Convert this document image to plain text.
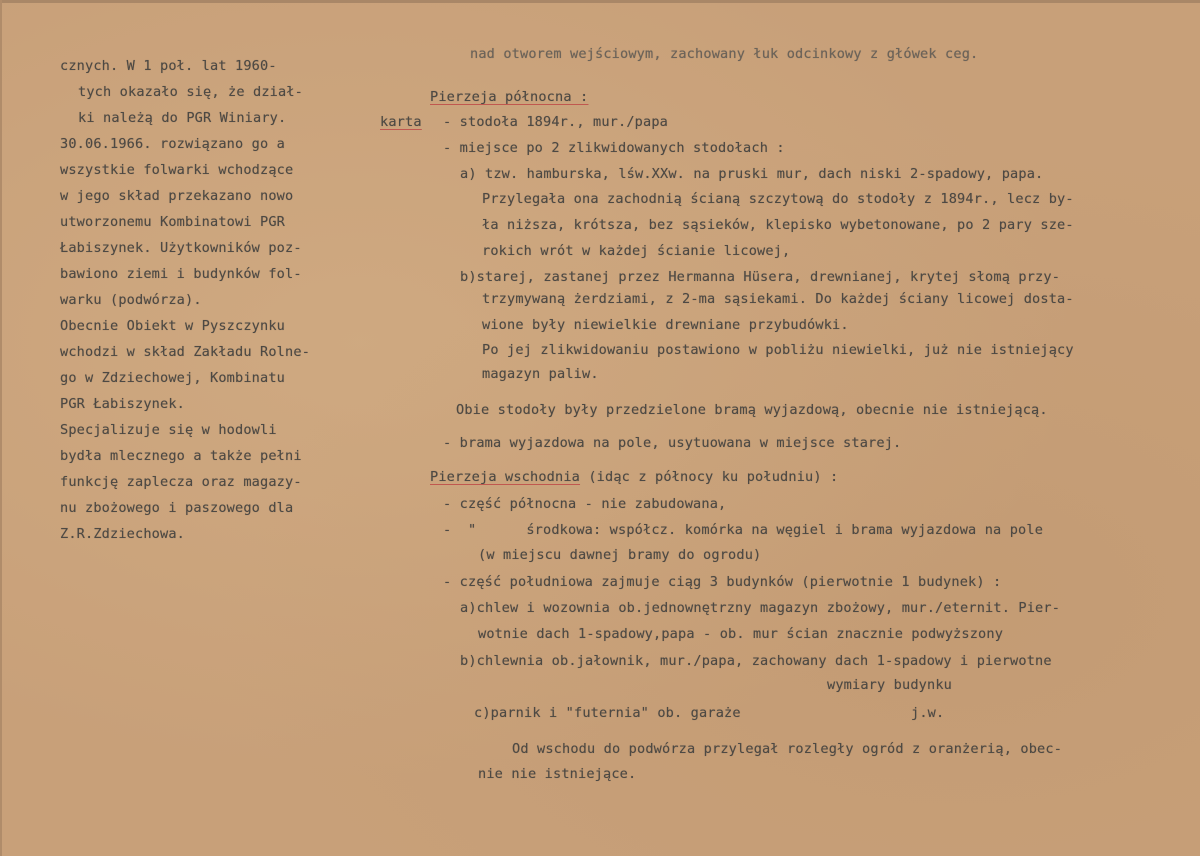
cznych. W 1 poł. lat 1960-
tych okazało się, że dział-
ki należą do PGR Winiary.
30.06.1966. rozwiązano go a
wszystkie folwarki wchodzące
w jego skład przekazano nowo
utworzonemu Kombinatowi PGR
Łabiszynek. Użytkowników poz-
bawiono ziemi i budynków fol-
warku (podwórza).
Obecnie Obiekt w Pyszczynku
wchodzi w skład Zakładu Rolne-
go w Zdziechowej, Kombinatu
PGR Łabiszynek.
Specjalizuje się w hodowli
bydła mlecznego a także pełni
funkcję zaplecza oraz magazy-
nu zbożowego i paszowego dla
Z.R.Zdziechowa.
nad otworem wejściowym, zachowany łuk odcinkowy z główek ceg.
Pierzeja północna :
karta - stodoła 1894r., mur./papa
- miejsce po 2 zlikwidowanych stodołach :
a) tzw. hamburska, lśw.XXw. na pruski mur, dach niski 2-spadowy, papa.
Przylegała ona zachodnią ścianą szczytową do stodoły z 1894r., lecz by-
ła niższa, krótsza, bez sąsieków, klepisko wybetonowane, po 2 pary sze-
rokich wrót w każdej ścianie licowej,
b)starej, zastanej przez Hermanna Hüsera, drewnianej, krytej słomą przy-
trzymywaną żerdziami, z 2-ma sąsiekami. Do każdej ściany licowej dosta-
wione były niewielkie drewniane przybudówki.
Po jej zlikwidowaniu postawiono w pobliżu niewielki, już nie istniejący
magazyn paliw.
Obie stodoły były przedzielone bramą wyjazdową, obecnie nie istniejącą.
- brama wyjazdowa na pole, usytuowana w miejsce starej.
Pierzeja wschodnia (idąc z północy ku południu) :
- część północna - nie zabudowana,
-  "      środkowa: współcz. komórka na węgiel i brama wyjazdowa na pole
(w miejscu dawnej bramy do ogrodu)
- część południowa zajmuje ciąg 3 budynków (pierwotnie 1 budynek) :
a)chlew i wozownia ob.jednownętrzny magazyn zbożowy, mur./eternit. Pier-
wotnie dach 1-spadowy,papa - ob. mur ścian znacznie podwyższony
b)chlewnia ob.jałownik, mur./papa, zachowany dach 1-spadowy i pierwotne
wymiary budynku
c)parnik i "futernia" ob. garaże	j.w.
Od wschodu do podwórza przylegał rozległy ogród z oranżerią, obec-
nie nie istniejące.
